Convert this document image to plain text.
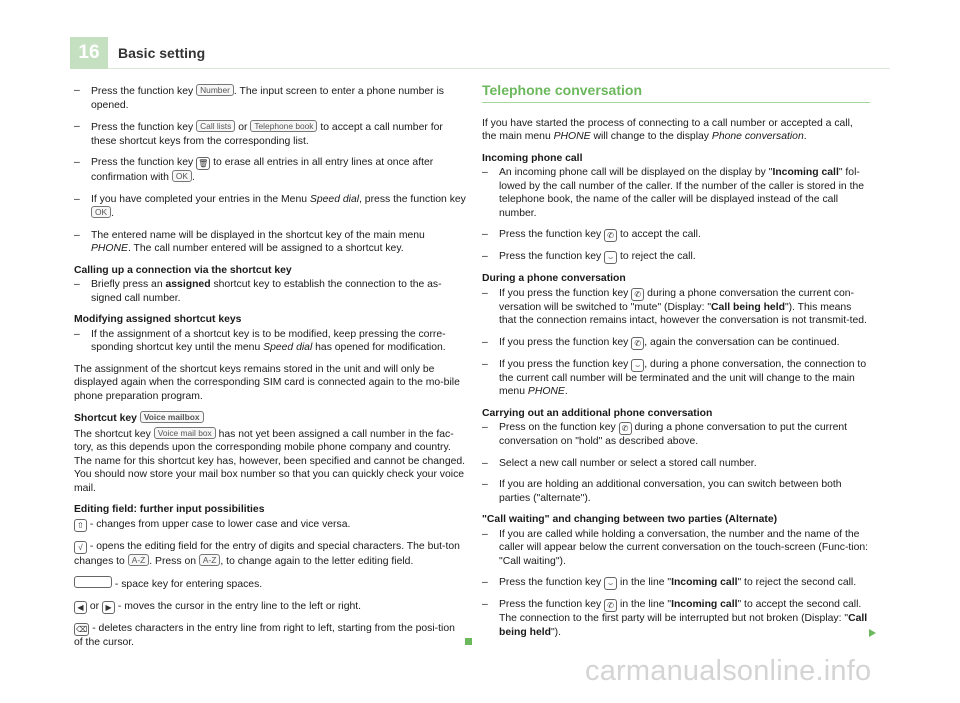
16	Basic setting
– Press the function key Number . The input screen to enter a phone number is opened.
– Press the function key Call lists or Telephone book to accept a call number for these shortcut keys from the corresponding list.
– Press the function key 🗑 to erase all entries in all entry lines at once after confirmation with OK .
– If you have completed your entries in the Menu Speed dial, press the function key OK .
– The entered name will be displayed in the shortcut key of the main menu PHONE. The call number entered will be assigned to a shortcut key.
Calling up a connection via the shortcut key
– Briefly press an assigned shortcut key to establish the connection to the as-signed call number.
Modifying assigned shortcut keys
– If the assignment of a shortcut key is to be modified, keep pressing the corre-sponding shortcut key until the menu Speed dial has opened for modification.

The assignment of the shortcut keys remains stored in the unit and will only be displayed again when the corresponding SIM card is connected again to the mo-bile phone preparation program.

Shortcut key Voice mailbox

The shortcut key Voice mail box has not yet been assigned a call number in the fac-tory, as this depends upon the corresponding mobile phone company and country. The name for this shortcut key has, however, been specified and cannot be changed. You should now store your mail box number so that you can quickly check your voice mail.

Editing field: further input possibilities

⇧ - changes from upper case to lower case and vice versa.

√ - opens the editing field for the entry of digits and special characters. The but-ton changes to A-Z . Press on A-Z , to change again to the letter editing field.

- space key for entering spaces.

◀ or ▶ - moves the cursor in the entry line to the left or right.

⌫ - deletes characters in the entry line from right to left, starting from the posi-tion of the cursor.

Telephone conversation

If you have started the process of connecting to a call number or accepted a call, the main menu PHONE will change to the display Phone conversation.

Incoming phone call
– An incoming phone call will be displayed on the display by "Incoming call" fol-lowed by the call number of the caller. If the number of the caller is stored in the telephone book, the name of the caller will be displayed instead of the call number.
– Press the function key ✆ to accept the call.
– Press the function key ⌣ to reject the call.
During a phone conversation
– If you press the function key ✆ during a phone conversation the current con-versation will be switched to "mute" (Display: "Call being held"). This means that the connection remains intact, however the conversation is not transmit-ted.
– If you press the function key ✆ , again the conversation can be continued.
– If you press the function key ⌣ , during a phone conversation, the connection to the current call number will be terminated and the unit will change to the main menu PHONE.
Carrying out an additional phone conversation
– Press on the function key ✆ during a phone conversation to put the current conversation on "hold" as described above.
– Select a new call number or select a stored call number.
– If you are holding an additional conversation, you can switch between both parties ("alternate").
"Call waiting" and changing between two parties (Alternate)
– If you are called while holding a conversation, the number and the name of the caller will appear below the current conversation on the touch-screen (Func-tion: "Call waiting").
– Press the function key ⌣ in the line "Incoming call" to reject the second call.
– Press the function key ✆ in the line "Incoming call" to accept the second call. The connection to the first party will be interrupted but not broken (Display: "Call being held").
carmanualsonline.info
